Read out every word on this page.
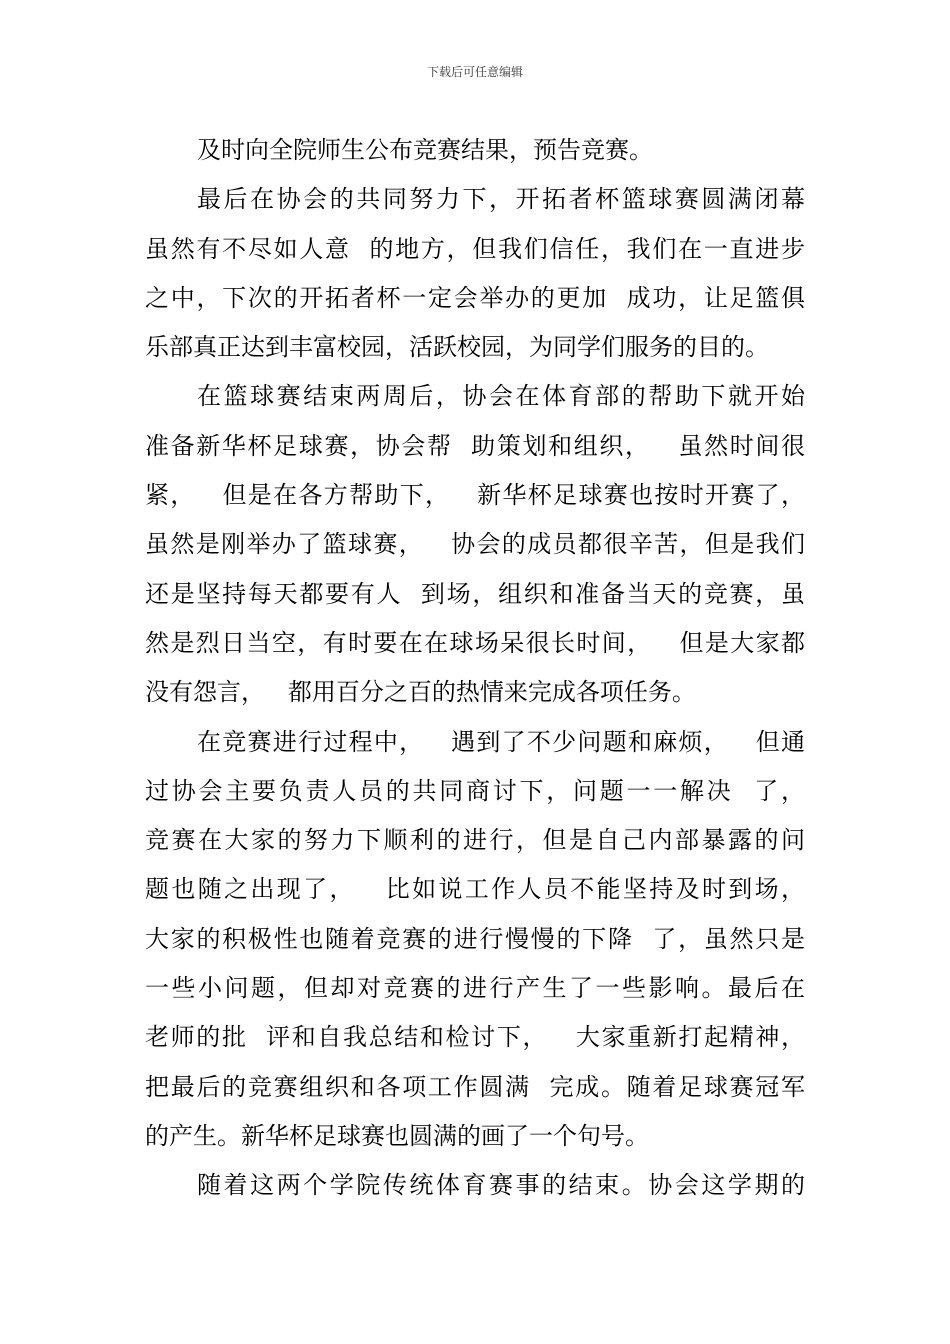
下载后可任意编辑
及时向全院师生公布竞赛结果，预告竞赛。
最后在协会的共同努力下，开拓者杯篮球赛圆满闭幕
虽然有不尽如人意  的地方，但我们信任，我们在一直进步
之中，下次的开拓者杯一定会举办的更加  成功，让足篮俱
乐部真正达到丰富校园，活跃校园，为同学们服务的目的。
在篮球赛结束两周后，协会在体育部的帮助下就开始
准备新华杯足球赛，协会帮  助策划和组织，   虽然时间很
紧，   但是在各方帮助下，   新华杯足球赛也按时开赛了，
虽然是刚举办了篮球赛，   协会的成员都很辛苦，但是我们
还是坚持每天都要有人  到场，组织和准备当天的竞赛，虽
然是烈日当空，有时要在在球场呆很长时间，   但是大家都
没有怨言，   都用百分之百的热情来完成各项任务。
在竞赛进行过程中，   遇到了不少问题和麻烦，   但通
过协会主要负责人员的共同商讨下，问题一一解决  了，
竞赛在大家的努力下顺利的进行，但是自己内部暴露的问
题也随之出现了，   比如说工作人员不能坚持及时到场，
大家的积极性也随着竞赛的进行慢慢的下降  了，虽然只是
一些小问题，但却对竞赛的进行产生了一些影响。最后在
老师的批  评和自我总结和检讨下，   大家重新打起精神，
把最后的竞赛组织和各项工作圆满  完成。随着足球赛冠军
的产生。新华杯足球赛也圆满的画了一个句号。
随着这两个学院传统体育赛事的结束。协会这学期的
